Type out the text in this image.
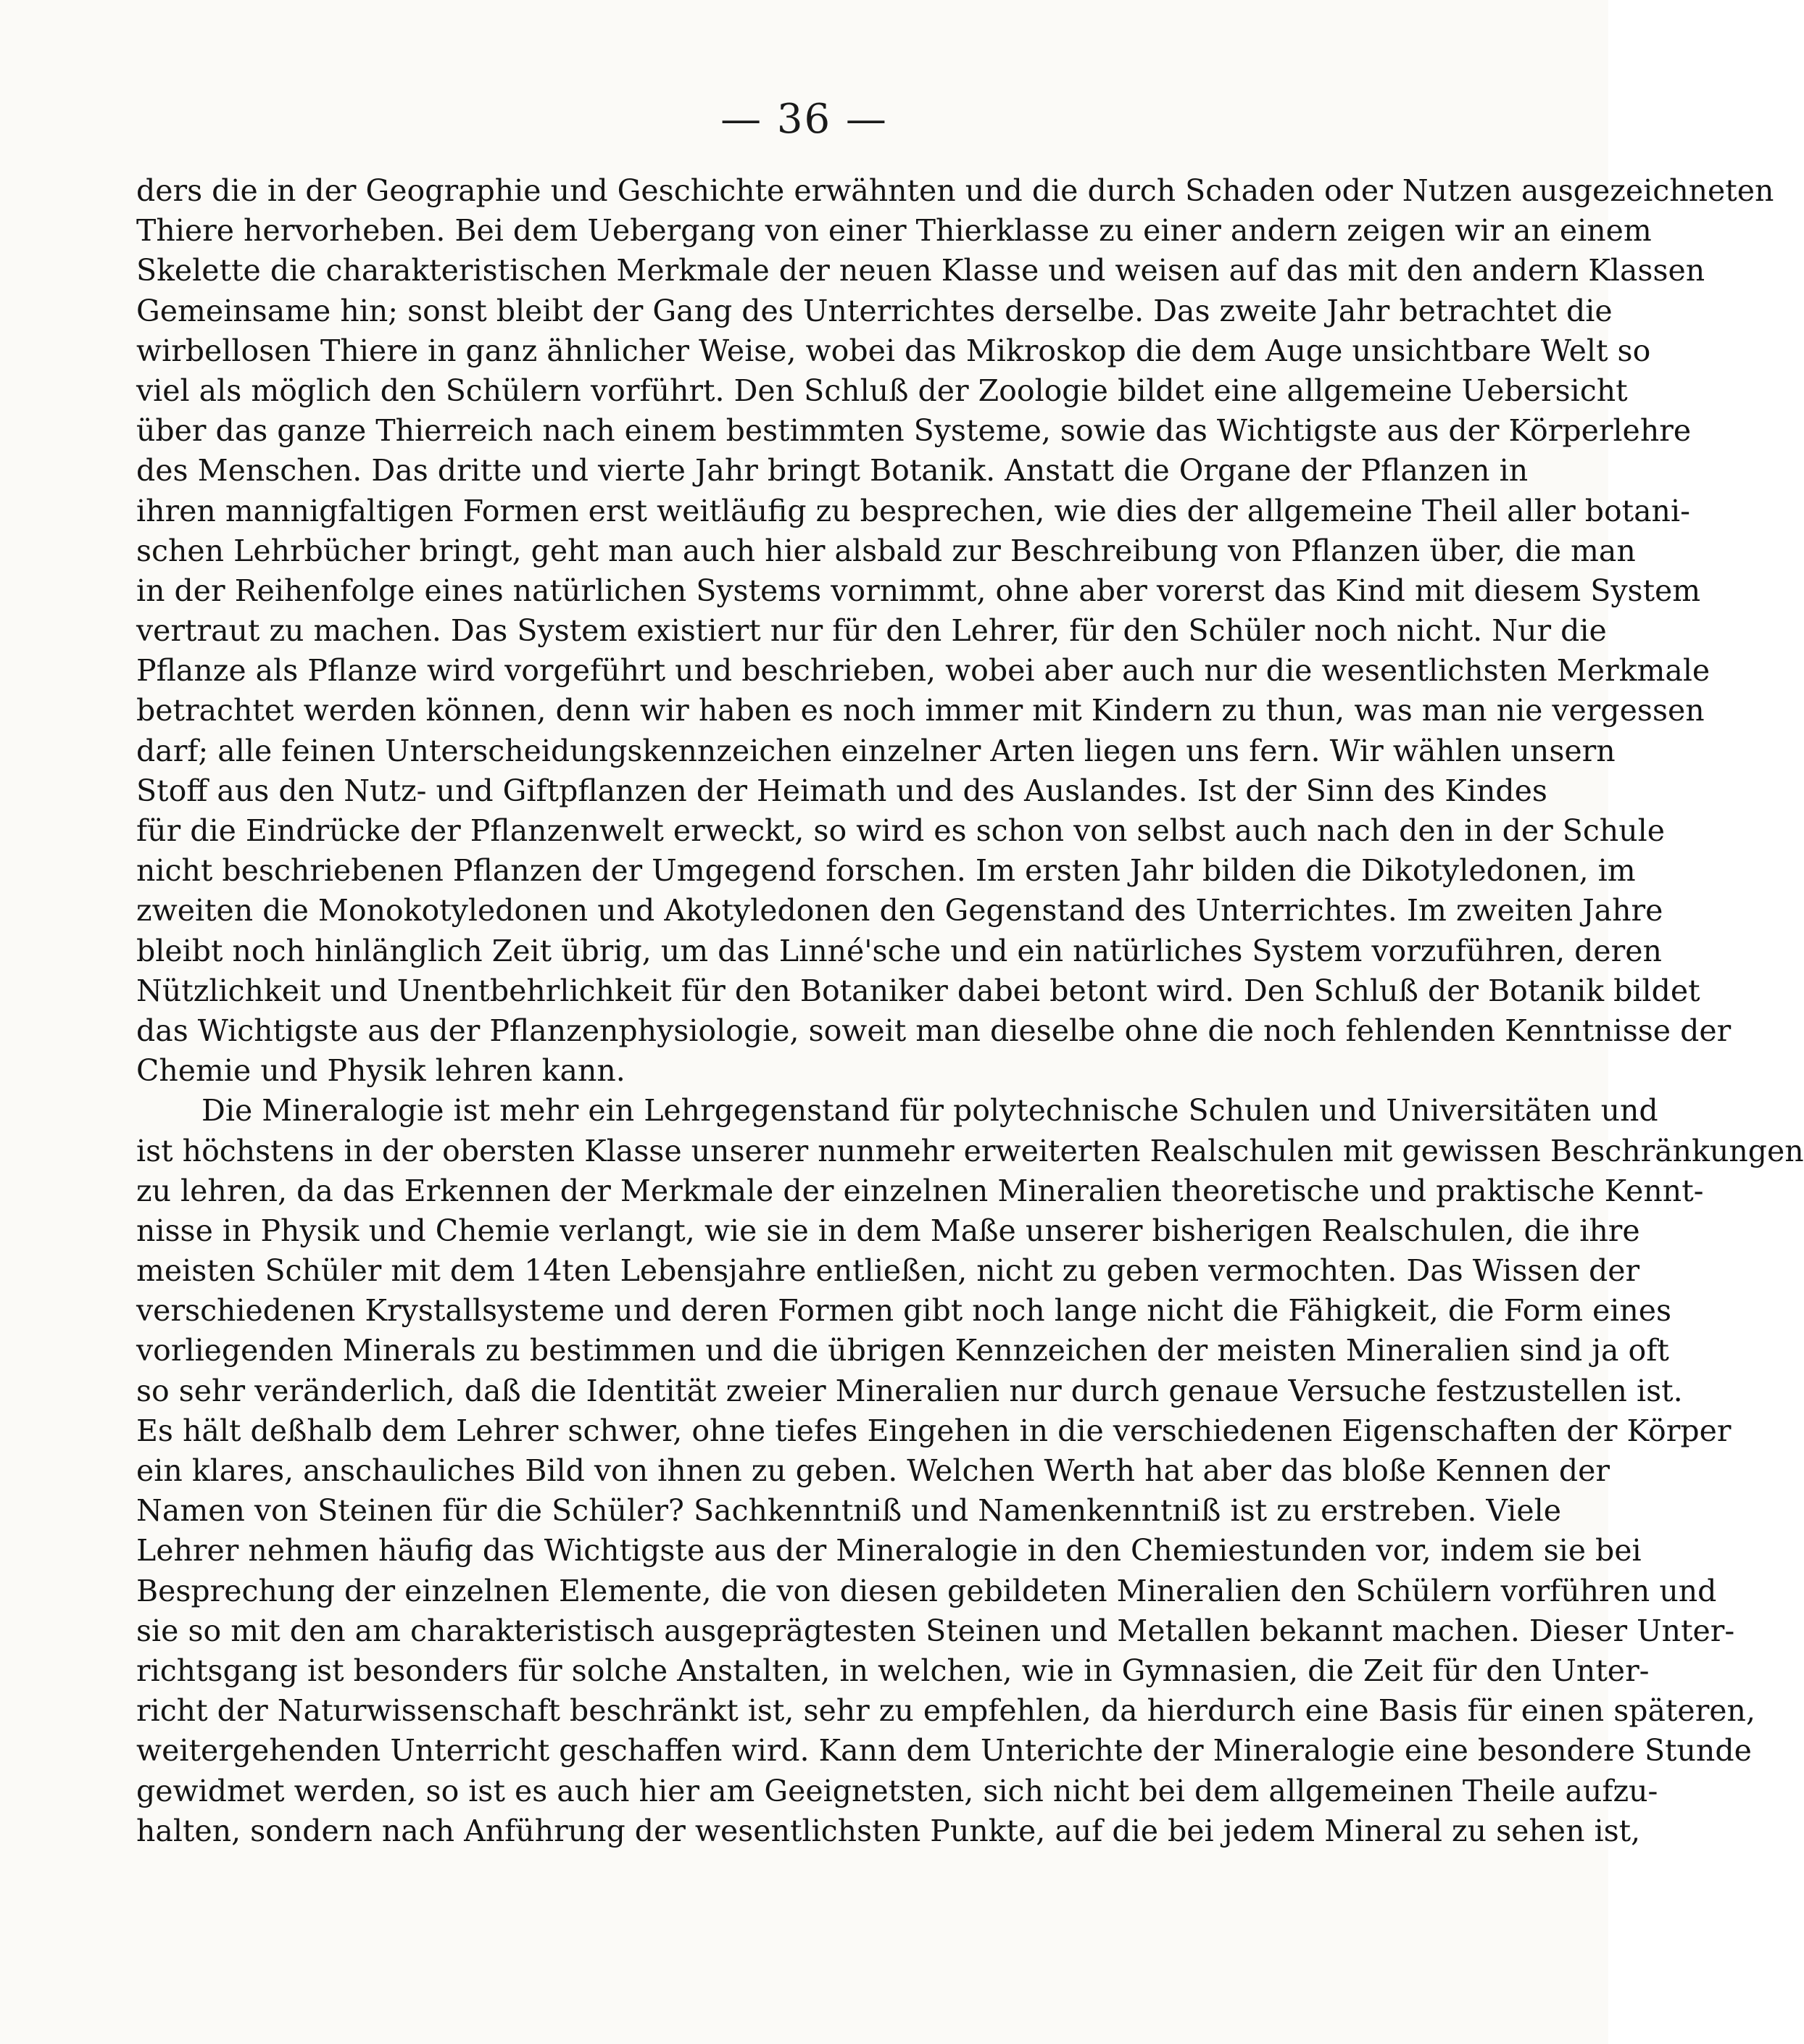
— 36 —
ders die in der Geographie und Geschichte erwähnten und die durch Schaden oder Nutzen ausgezeichneten
Thiere hervorheben. Bei dem Uebergang von einer Thierklasse zu einer andern zeigen wir an einem
Skelette die charakteristischen Merkmale der neuen Klasse und weisen auf das mit den andern Klassen
Gemeinsame hin; sonst bleibt der Gang des Unterrichtes derselbe. Das zweite Jahr betrachtet die
wirbellosen Thiere in ganz ähnlicher Weise, wobei das Mikroskop die dem Auge unsichtbare Welt so
viel als möglich den Schülern vorführt. Den Schluß der Zoologie bildet eine allgemeine Uebersicht
über das ganze Thierreich nach einem bestimmten Systeme, sowie das Wichtigste aus der Körperlehre
des Menschen. Das dritte und vierte Jahr bringt Botanik. Anstatt die Organe der Pflanzen in
ihren mannigfaltigen Formen erst weitläufig zu besprechen, wie dies der allgemeine Theil aller botani-
schen Lehrbücher bringt, geht man auch hier alsbald zur Beschreibung von Pflanzen über, die man
in der Reihenfolge eines natürlichen Systems vornimmt, ohne aber vorerst das Kind mit diesem System
vertraut zu machen. Das System existiert nur für den Lehrer, für den Schüler noch nicht. Nur die
Pflanze als Pflanze wird vorgeführt und beschrieben, wobei aber auch nur die wesentlichsten Merkmale
betrachtet werden können, denn wir haben es noch immer mit Kindern zu thun, was man nie vergessen
darf; alle feinen Unterscheidungskennzeichen einzelner Arten liegen uns fern. Wir wählen unsern
Stoff aus den Nutz- und Giftpflanzen der Heimath und des Auslandes. Ist der Sinn des Kindes
für die Eindrücke der Pflanzenwelt erweckt, so wird es schon von selbst auch nach den in der Schule
nicht beschriebenen Pflanzen der Umgegend forschen. Im ersten Jahr bilden die Dikotyledonen, im
zweiten die Monokotyledonen und Akotyledonen den Gegenstand des Unterrichtes. Im zweiten Jahre
bleibt noch hinlänglich Zeit übrig, um das Linné'sche und ein natürliches System vorzuführen, deren
Nützlichkeit und Unentbehrlichkeit für den Botaniker dabei betont wird. Den Schluß der Botanik bildet
das Wichtigste aus der Pflanzenphysiologie, soweit man dieselbe ohne die noch fehlenden Kenntnisse der
Chemie und Physik lehren kann.
Die Mineralogie ist mehr ein Lehrgegenstand für polytechnische Schulen und Universitäten und
ist höchstens in der obersten Klasse unserer nunmehr erweiterten Realschulen mit gewissen Beschränkungen
zu lehren, da das Erkennen der Merkmale der einzelnen Mineralien theoretische und praktische Kennt-
nisse in Physik und Chemie verlangt, wie sie in dem Maße unserer bisherigen Realschulen, die ihre
meisten Schüler mit dem 14ten Lebensjahre entließen, nicht zu geben vermochten. Das Wissen der
verschiedenen Krystallsysteme und deren Formen gibt noch lange nicht die Fähigkeit, die Form eines
vorliegenden Minerals zu bestimmen und die übrigen Kennzeichen der meisten Mineralien sind ja oft
so sehr veränderlich, daß die Identität zweier Mineralien nur durch genaue Versuche festzustellen ist.
Es hält deßhalb dem Lehrer schwer, ohne tiefes Eingehen in die verschiedenen Eigenschaften der Körper
ein klares, anschauliches Bild von ihnen zu geben. Welchen Werth hat aber das bloße Kennen der
Namen von Steinen für die Schüler? Sachkenntniß und Namenkenntniß ist zu erstreben. Viele
Lehrer nehmen häufig das Wichtigste aus der Mineralogie in den Chemiestunden vor, indem sie bei
Besprechung der einzelnen Elemente, die von diesen gebildeten Mineralien den Schülern vorführen und
sie so mit den am charakteristisch ausgeprägtesten Steinen und Metallen bekannt machen. Dieser Unter-
richtsgang ist besonders für solche Anstalten, in welchen, wie in Gymnasien, die Zeit für den Unter-
richt der Naturwissenschaft beschränkt ist, sehr zu empfehlen, da hierdurch eine Basis für einen späteren,
weitergehenden Unterricht geschaffen wird. Kann dem Unterichte der Mineralogie eine besondere Stunde
gewidmet werden, so ist es auch hier am Geeignetsten, sich nicht bei dem allgemeinen Theile aufzu-
halten, sondern nach Anführung der wesentlichsten Punkte, auf die bei jedem Mineral zu sehen ist,
